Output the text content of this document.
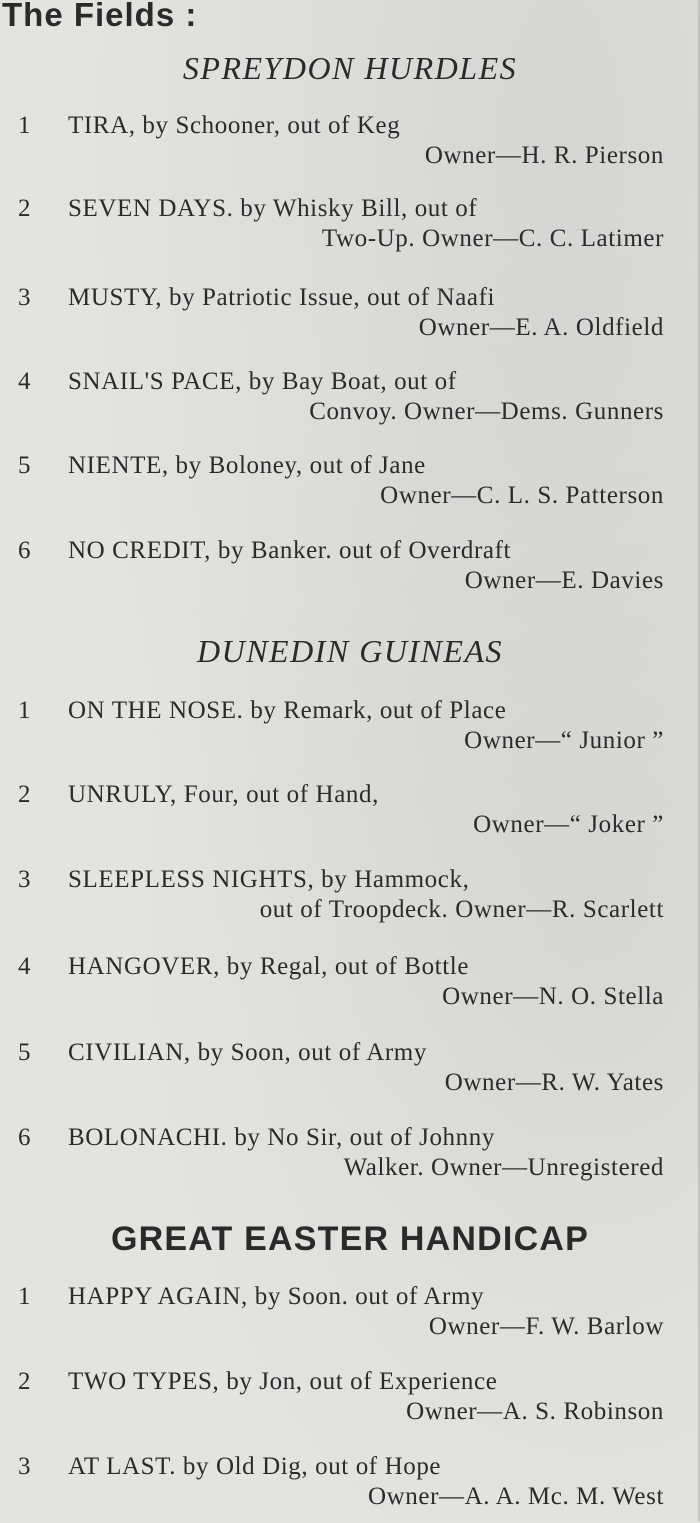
The Fields :
SPREYDON HURDLES
1 TIRA, by Schooner, out of Keg
Owner—H. R. Pierson
2 SEVEN DAYS. by Whisky Bill, out of
Two-Up. Owner—C. C. Latimer
3 MUSTY, by Patriotic Issue, out of Naafi
Owner—E. A. Oldfield
4 SNAIL'S PACE, by Bay Boat, out of
Convoy. Owner—Dems. Gunners
5 NIENTE, by Boloney, out of Jane
Owner—C. L. S. Patterson
6 NO CREDIT, by Banker. out of Overdraft
Owner—E. Davies
DUNEDIN GUINEAS
1 ON THE NOSE. by Remark, out of Place
Owner—“ Junior ”
2 UNRULY, Four, out of Hand,
Owner—“ Joker ”
3 SLEEPLESS NIGHTS, by Hammock,
out of Troopdeck. Owner—R. Scarlett
4 HANGOVER, by Regal, out of Bottle
Owner—N. O. Stella
5 CIVILIAN, by Soon, out of Army
Owner—R. W. Yates
6 BOLONACHI. by No Sir, out of Johnny
Walker. Owner—Unregistered
GREAT EASTER HANDICAP
1 HAPPY AGAIN, by Soon. out of Army
Owner—F. W. Barlow
2 TWO TYPES, by Jon, out of Experience
Owner—A. S. Robinson
3 AT LAST. by Old Dig, out of Hope
Owner—A. A. Mc. M. West
